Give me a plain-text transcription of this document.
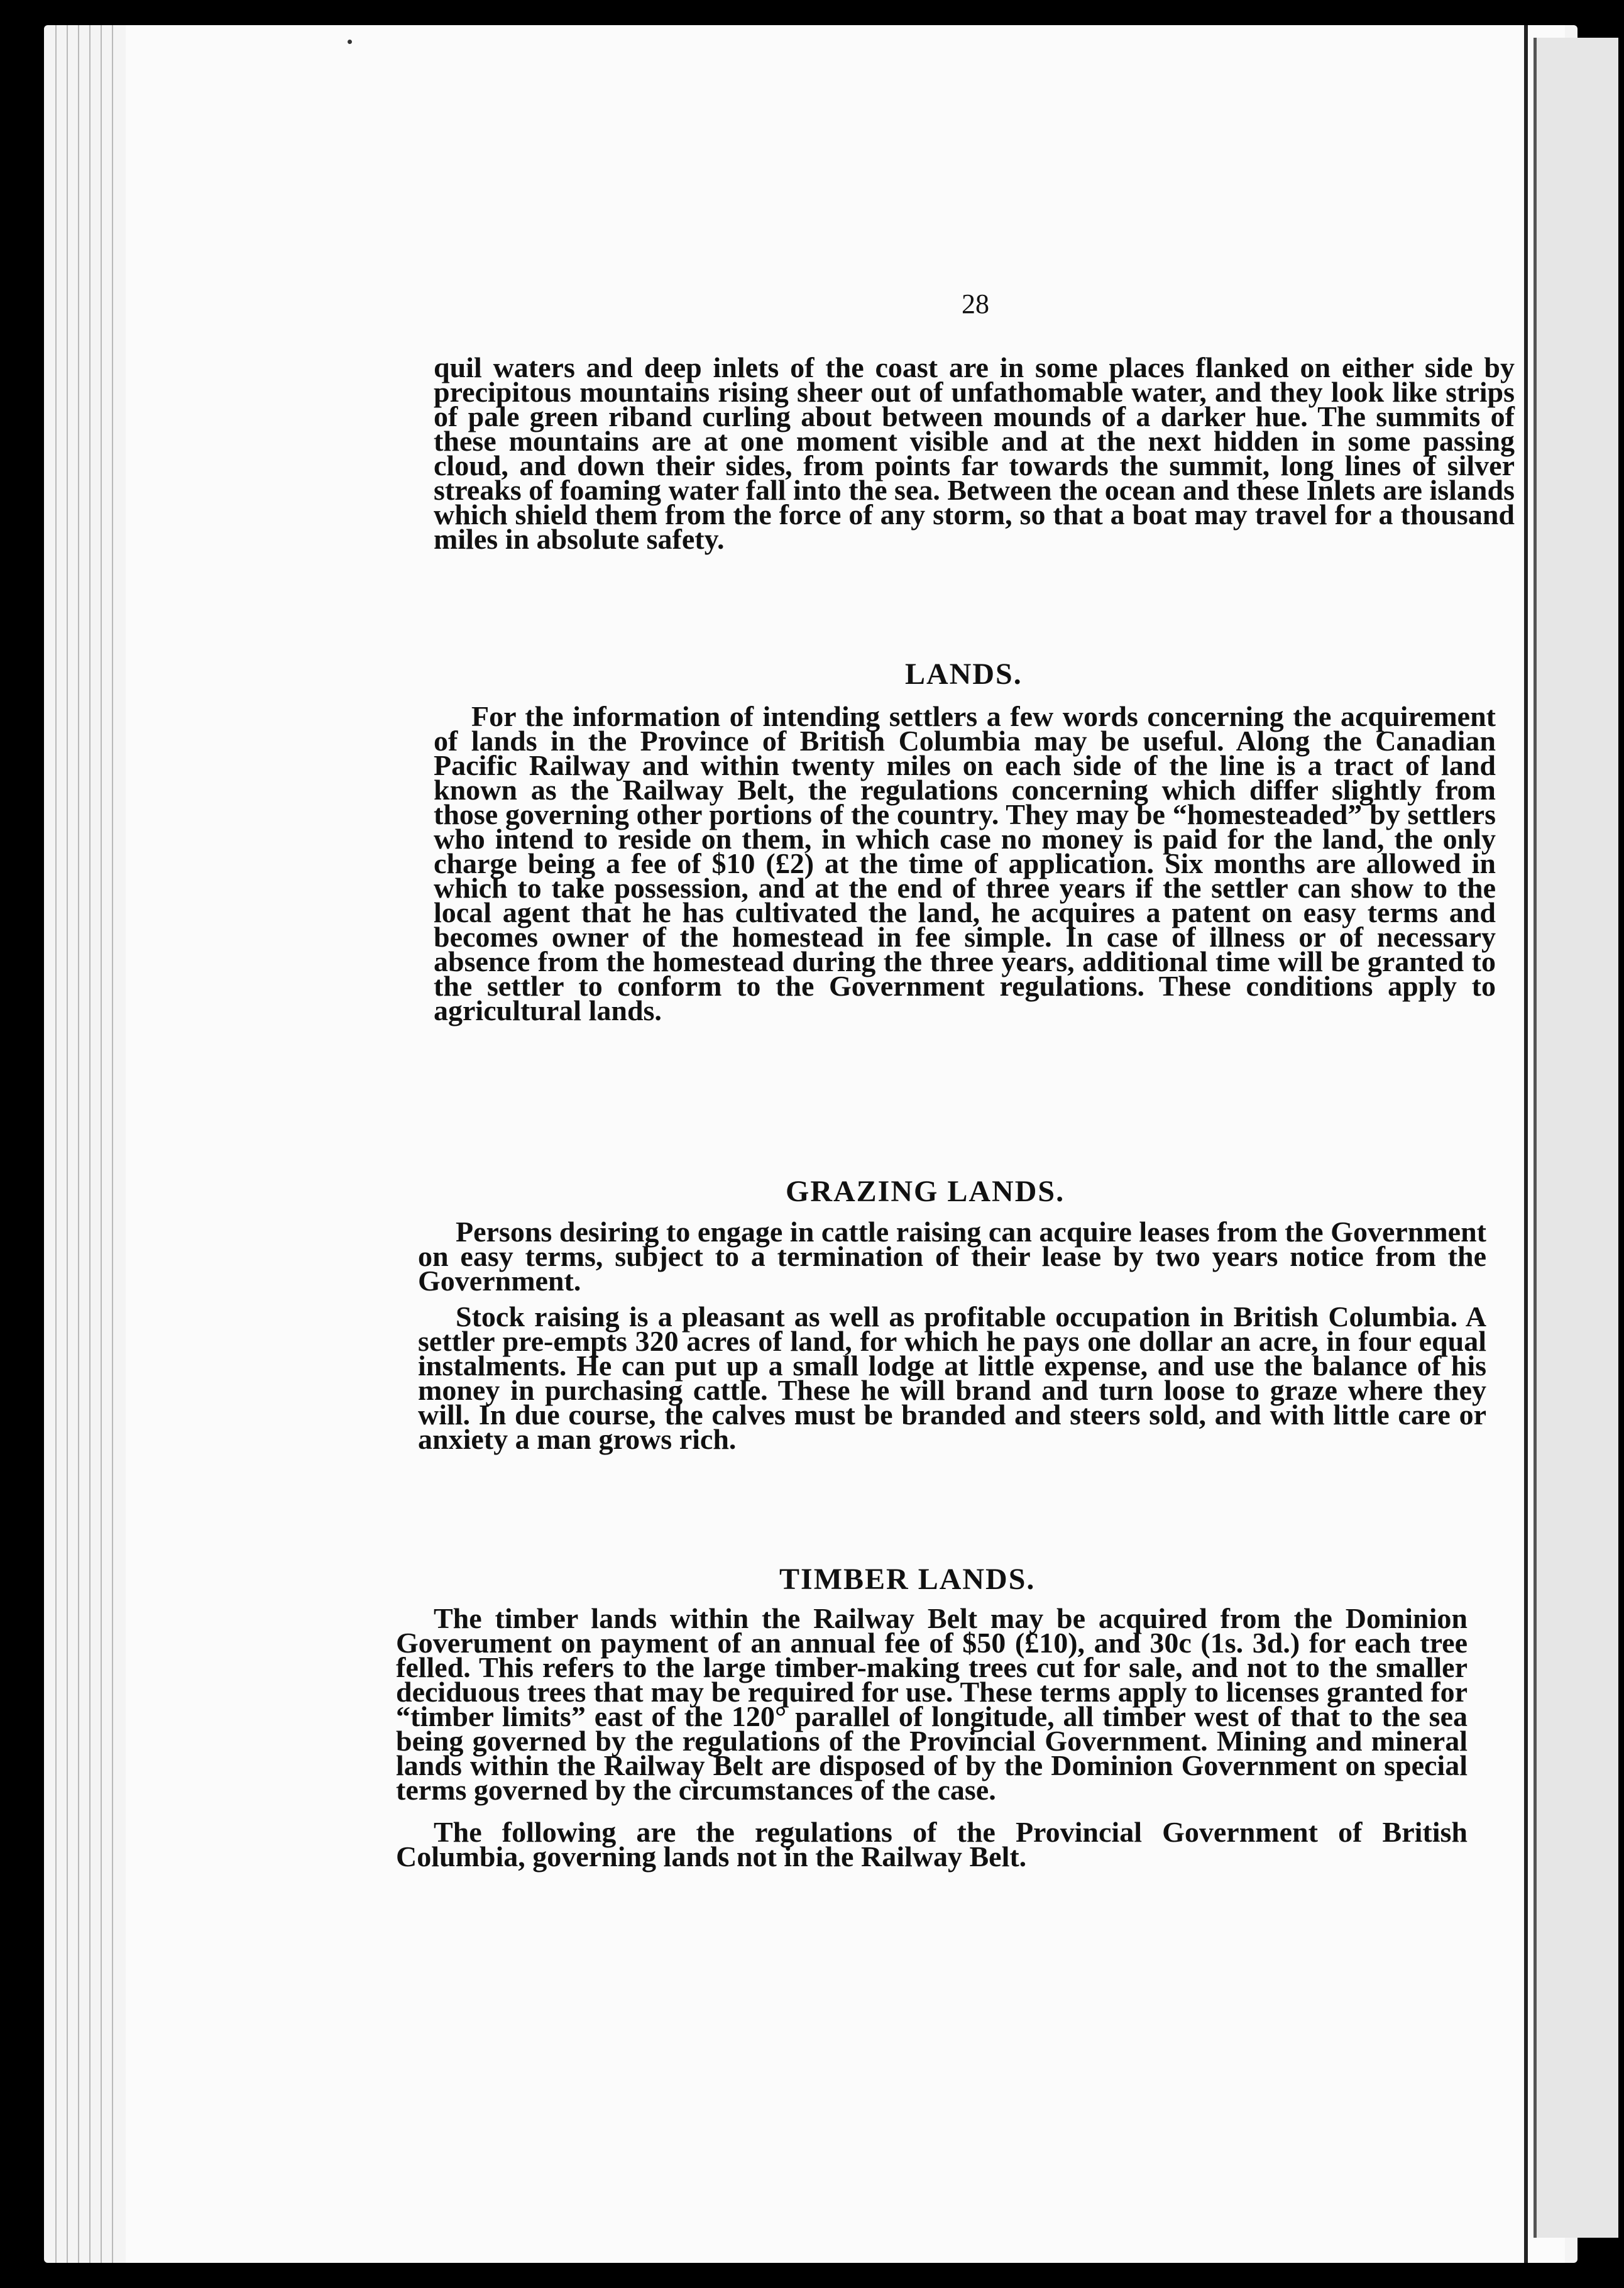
28

quil waters and deep inlets of the coast are in some places flanked on either side by precipitous mountains rising sheer out of unfathomable water, and they look like strips of pale green riband curling about between mounds of a darker hue. The summits of these mountains are at one moment visible and at the next hidden in some passing cloud, and down their sides, from points far towards the summit, long lines of silver streaks of foaming water fall into the sea. Between the ocean and these Inlets are islands which shield them from the force of any storm, so that a boat may travel for a thousand miles in absolute safety.

LANDS.

For the information of intending settlers a few words concerning the acquirement of lands in the Province of British Columbia may be useful. Along the Canadian Pacific Railway and within twenty miles on each side of the line is a tract of land known as the Railway Belt, the regulations concerning which differ slightly from those governing other portions of the country. They may be “homesteaded” by settlers who intend to reside on them, in which case no money is paid for the land, the only charge being a fee of $10 (£2) at the time of application. Six months are allowed in which to take possession, and at the end of three years if the settler can show to the local agent that he has cultivated the land, he acquires a patent on easy terms and becomes owner of the homestead in fee simple. In case of illness or of necessary absence from the homestead during the three years, additional time will be granted to the settler to conform to the Government regulations. These conditions apply to agricultural lands.

GRAZING LANDS.

Persons desiring to engage in cattle raising can acquire leases from the Government on easy terms, subject to a termination of their lease by two years notice from the Government.

Stock raising is a pleasant as well as profitable occupation in British Columbia. A settler pre-empts 320 acres of land, for which he pays one dollar an acre, in four equal instalments. He can put up a small lodge at little expense, and use the balance of his money in purchasing cattle. These he will brand and turn loose to graze where they will. In due course, the calves must be branded and steers sold, and with little care or anxiety a man grows rich.

TIMBER LANDS.

The timber lands within the Railway Belt may be acquired from the Dominion Goverument on payment of an annual fee of $50 (£10), and 30c (1s. 3d.) for each tree felled. This refers to the large timber-making trees cut for sale, and not to the smaller deciduous trees that may be required for use. These terms apply to licenses granted for “timber limits” east of the 120° parallel of longitude, all timber west of that to the sea being governed by the regulations of the Provincial Government. Mining and mineral lands within the Railway Belt are disposed of by the Dominion Government on special terms governed by the circumstances of the case.

The following are the regulations of the Provincial Government of British Columbia, governing lands not in the Railway Belt.
